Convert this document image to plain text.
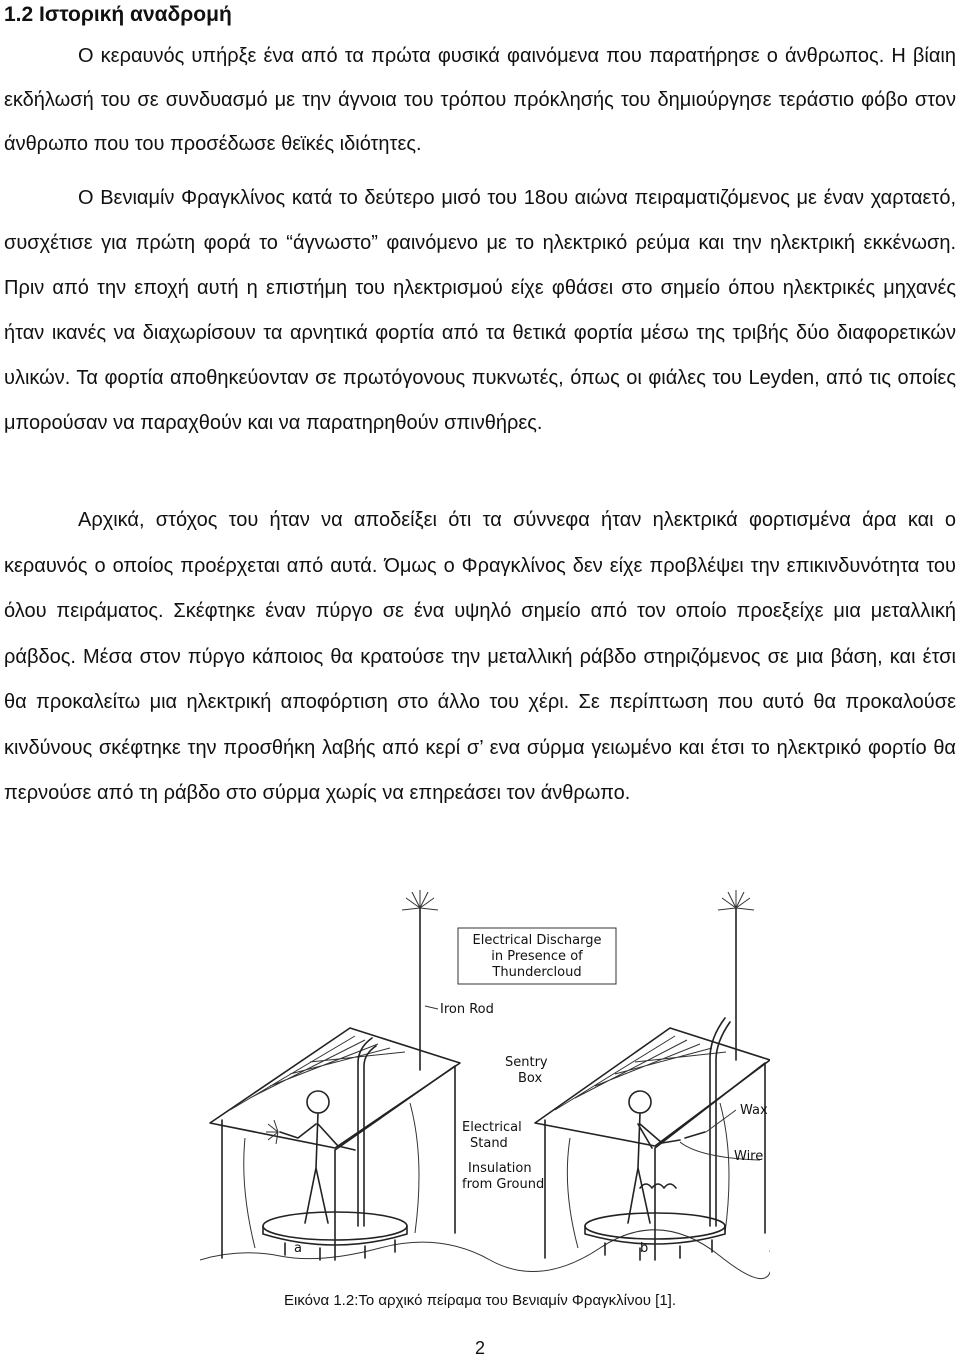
1.2 Ιστορική αναδρομή

Ο κεραυνός υπήρξε ένα από τα πρώτα φυσικά φαινόμενα που παρατήρησε ο άνθρωπος. Η βίαιη εκδήλωσή του σε συνδυασμό με την άγνοια του τρόπου πρόκλησής του δημιούργησε τεράστιο φόβο στον άνθρωπο που του προσέδωσε θεϊκές ιδιότητες.

Ο Βενιαμίν Φραγκλίνος κατά το δεύτερο μισό του 18ου αιώνα πειραματιζόμενος με έναν χαρταετό, συσχέτισε για πρώτη φορά το “άγνωστο” φαινόμενο με το ηλεκτρικό ρεύμα και την ηλεκτρική εκκένωση. Πριν από την εποχή αυτή η επιστήμη του ηλεκτρισμού είχε φθάσει στο σημείο όπου ηλεκτρικές μηχανές ήταν ικανές να διαχωρίσουν τα αρνητικά φορτία από τα θετικά φορτία μέσω της τριβής δύο διαφορετικών υλικών. Τα φορτία αποθηκεύονταν σε πρωτόγονους πυκνωτές, όπως οι φιάλες του Leyden, από τις οποίες μπορούσαν να παραχθούν και να παρατηρηθούν σπινθήρες.

Αρχικά, στόχος του ήταν να αποδείξει ότι τα σύννεφα ήταν ηλεκτρικά φορτισμένα άρα και ο κεραυνός ο οποίος προέρχεται από αυτά. Όμως ο Φραγκλίνος δεν είχε προβλέψει την επικινδυνότητα του όλου πειράματος. Σκέφτηκε έναν πύργο σε ένα υψηλό σημείο από τον οποίο προεξείχε μια μεταλλική ράβδος. Μέσα στον πύργο κάποιος θα κρατούσε την μεταλλική ράβδο στηριζόμενος σε μια βάση, και έτσι θα προκαλείτω μια ηλεκτρική αποφόρτιση στο άλλο του χέρι. Σε περίπτωση που αυτό θα προκαλούσε κινδύνους σκέφτηκε την προσθήκη λαβής από κερί σ’ ενα σύρμα γειωμένο και έτσι το ηλεκτρικό φορτίο θα περνούσε από τη ράβδο στο σύρμα χωρίς να επηρεάσει τον άνθρωπο.

Electrical Discharge
in Presence of
Thundercloud
Iron Rod
Sentry
Box
Electrical
Stand
Insulation
from Ground
Wax
Wire
a	b
Εικόνα 1.2:Το αρχικό πείραμα του Βενιαμίν Φραγκλίνου [1].
2
